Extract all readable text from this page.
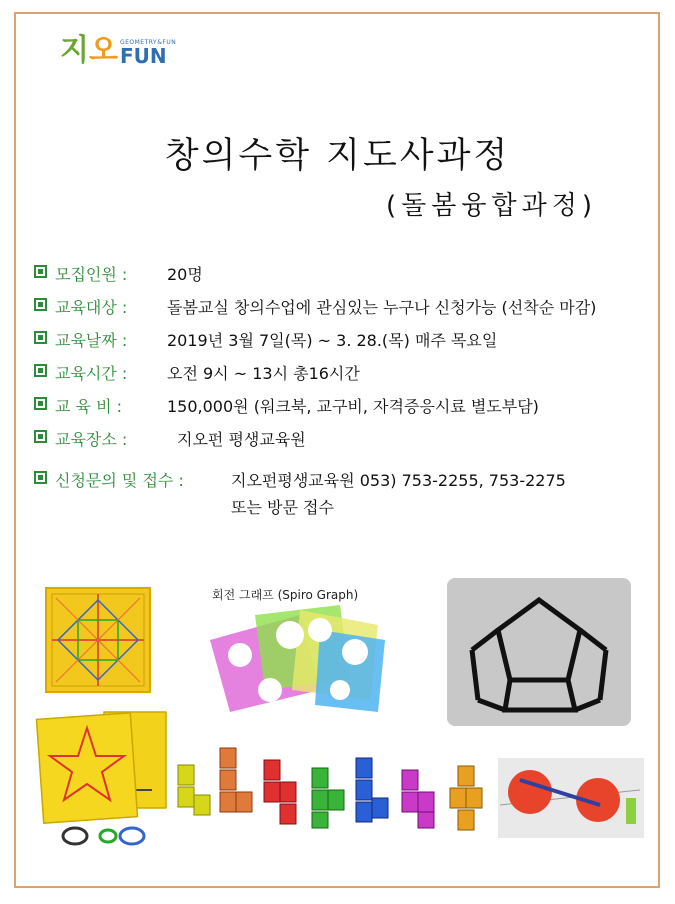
지 오 GEOMETRY&FUN
FUN
창의수학 지도사과정
(돌봄융합과정)
모집인원 :	20명
교육대상 :	돌봄교실 창의수업에 관심있는 누구나 신청가능 (선착순 마감)
교육날짜 :	2019년 3월 7일(목) ~ 3. 28.(목) 매주 목요일
교육시간 :	오전 9시 ~ 13시 총16시간
교 육 비 :	150,000원 (워크북, 교구비, 자격증응시료 별도부담)
교육장소 :	지오펀 평생교육원
신청문의 및 접수 :	지오펀평생교육원 053) 753-2255, 753-2275
또는 방문 접수
회전 그래프 (Spiro Graph)
